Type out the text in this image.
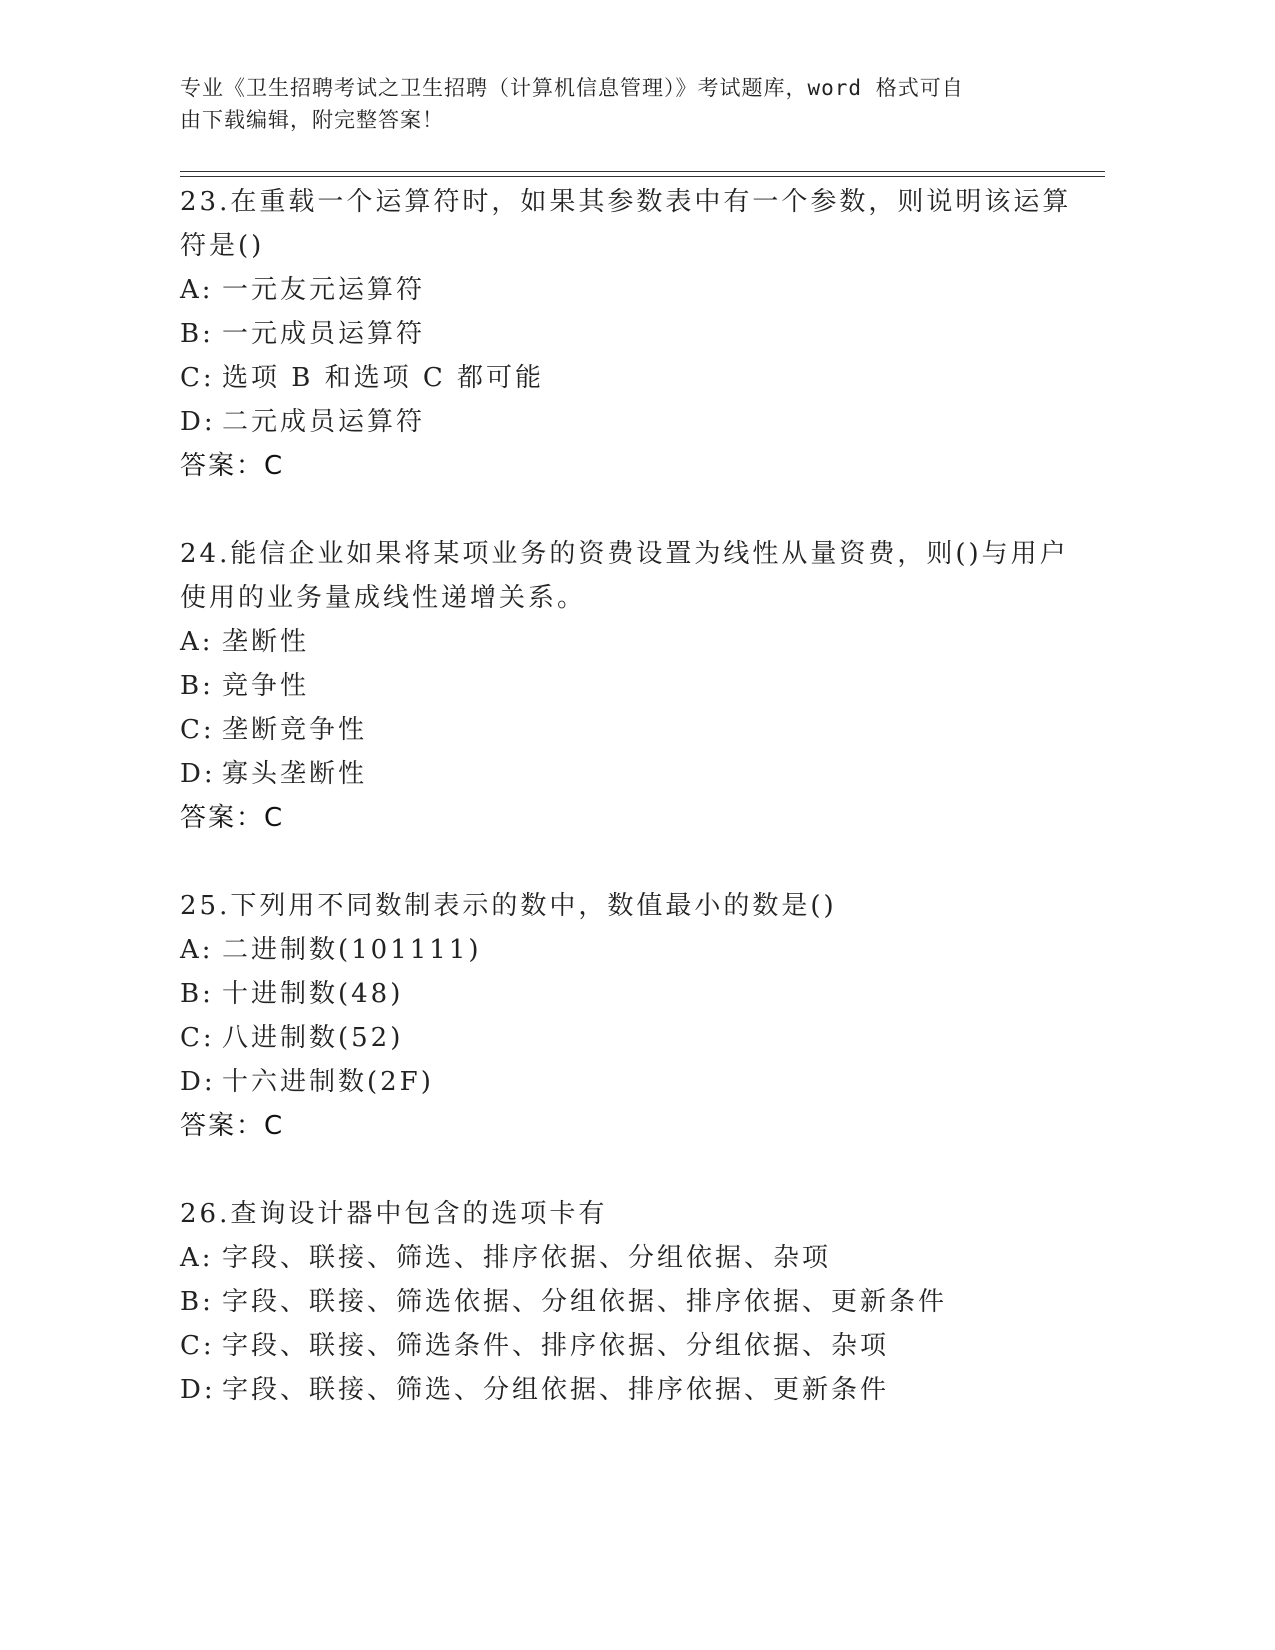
专业《卫生招聘考试之卫生招聘（计算机信息管理）》考试题库，word 格式可自
由下载编辑，附完整答案！
23.在重载一个运算符时，如果其参数表中有一个参数，则说明该运算
符是()
A: 一元友元运算符
B: 一元成员运算符
C: 选项 B 和选项 C 都可能
D: 二元成员运算符
答案：C
24.能信企业如果将某项业务的资费设置为线性从量资费，则()与用户
使用的业务量成线性递增关系。
A: 垄断性
B: 竞争性
C: 垄断竞争性
D: 寡头垄断性
答案：C
25.下列用不同数制表示的数中，数值最小的数是()
A: 二进制数(101111)
B: 十进制数(48)
C: 八进制数(52)
D: 十六进制数(2F)
答案：C
26.查询设计器中包含的选项卡有
A: 字段、联接、筛选、排序依据、分组依据、杂项
B: 字段、联接、筛选依据、分组依据、排序依据、更新条件
C: 字段、联接、筛选条件、排序依据、分组依据、杂项
D: 字段、联接、筛选、分组依据、排序依据、更新条件
